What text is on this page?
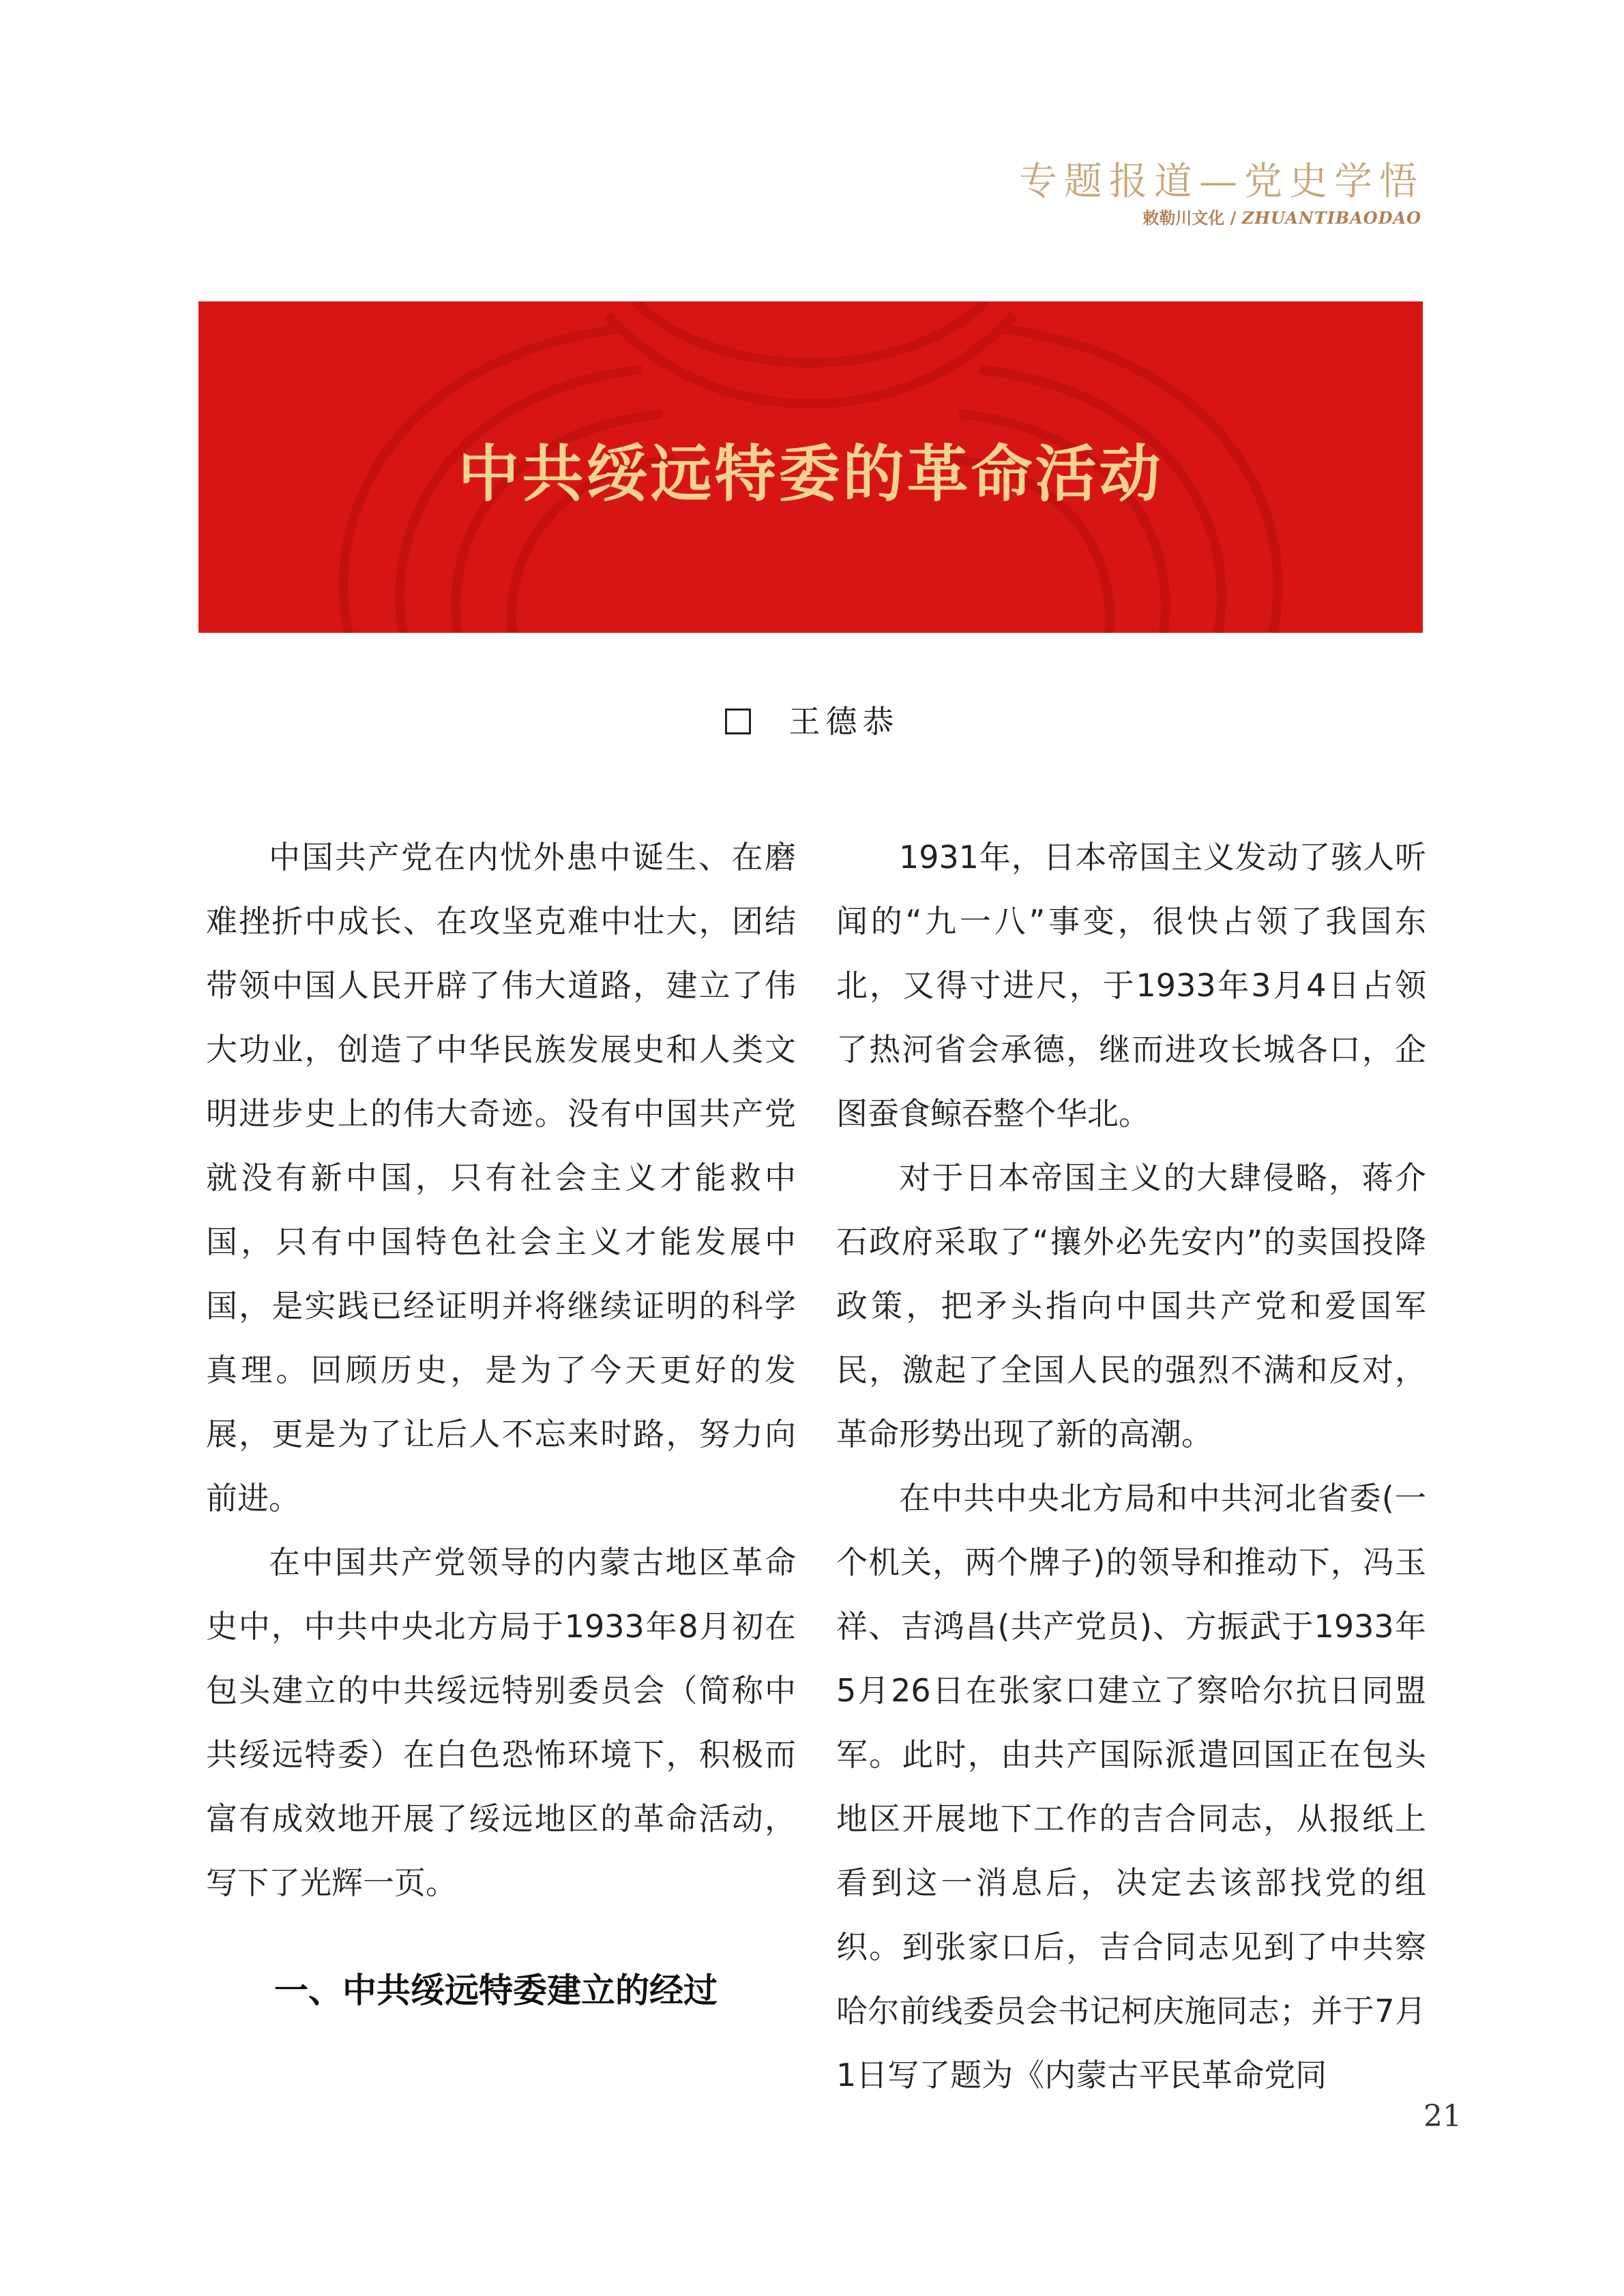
专题报道—党史学悟
敕勒川文化 / ZHUANTIBAODAO
中共绥远特委的革命活动
王德恭

中国共产党在内忧外患中诞生、在磨难挫折中成长、在攻坚克难中壮大，团结带领中国人民开辟了伟大道路，建立了伟大功业，创造了中华民族发展史和人类文明进步史上的伟大奇迹。没有中国共产党就没有新中国，只有社会主义才能救中国，只有中国特色社会主义才能发展中国，是实践已经证明并将继续证明的科学真理。回顾历史，是为了今天更好的发展，更是为了让后人不忘来时路，努力向前进。

在中国共产党领导的内蒙古地区革命史中，中共中央北方局于1933年8月初在包头建立的中共绥远特别委员会（简称中共绥远特委）在白色恐怖环境下，积极而富有成效地开展了绥远地区的革命活动，写下了光辉一页。

一、中共绥远特委建立的经过

1931年，日本帝国主义发动了骇人听闻的“九一八”事变，很快占领了我国东北，又得寸进尺，于1933年3月4日占领了热河省会承德，继而进攻长城各口，企图蚕食鲸吞整个华北。

对于日本帝国主义的大肆侵略，蒋介石政府采取了“攘外必先安内”的卖国投降政策，把矛头指向中国共产党和爱国军民，激起了全国人民的强烈不满和反对，革命形势出现了新的高潮。

在中共中央北方局和中共河北省委(一个机关，两个牌子)的领导和推动下，冯玉祥、吉鸿昌(共产党员)、方振武于1933年5月26日在张家口建立了察哈尔抗日同盟军。此时，由共产国际派遣回国正在包头地区开展地下工作的吉合同志，从报纸上看到这一消息后，决定去该部找党的组织。到张家口后，吉合同志见到了中共察哈尔前线委员会书记柯庆施同志；并于7月1日写了题为《内蒙古平民革命党同

21
